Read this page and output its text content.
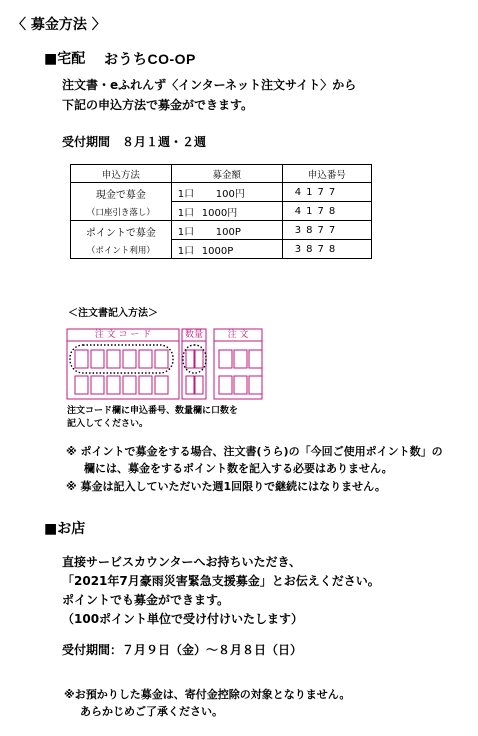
〈 募金方法 〉
■宅配 おうちCO-OP
注文書・eふれんず〈インターネット注文サイト〉から
下記の申込方法で募金ができます。
受付期間　８月１週・２週
申込方法	募金額	申込番号

現金で募金
（口座引き落し）	1口 100円	4177
	1口 1000円	4178

ポイントで募金
（ポイント利用）	1口 100P	3877
	1口 1000P	3878
＜注文書記入方法＞
注 文 コ ー ド	数量	注 文
注文コード欄に申込番号、数量欄に口数を
記入してください。
※ ポイントで募金をする場合、注文書(うら)の「今回ご使用ポイント数」の
欄には、募金をするポイント数を記入する必要はありません。
※ 募金は記入していただいた週1回限りで継続にはなりません。
■お店
直接サービスカウンターへお持ちいただき、
「2021年7月豪雨災害緊急支援募金」とお伝えください。
ポイントでも募金ができます。
（100ポイント単位で受け付けいたします）
受付期間：７月９日（金）～８月８日（日）
※お預かりした募金は、寄付金控除の対象となりません。
あらかじめご了承ください。
